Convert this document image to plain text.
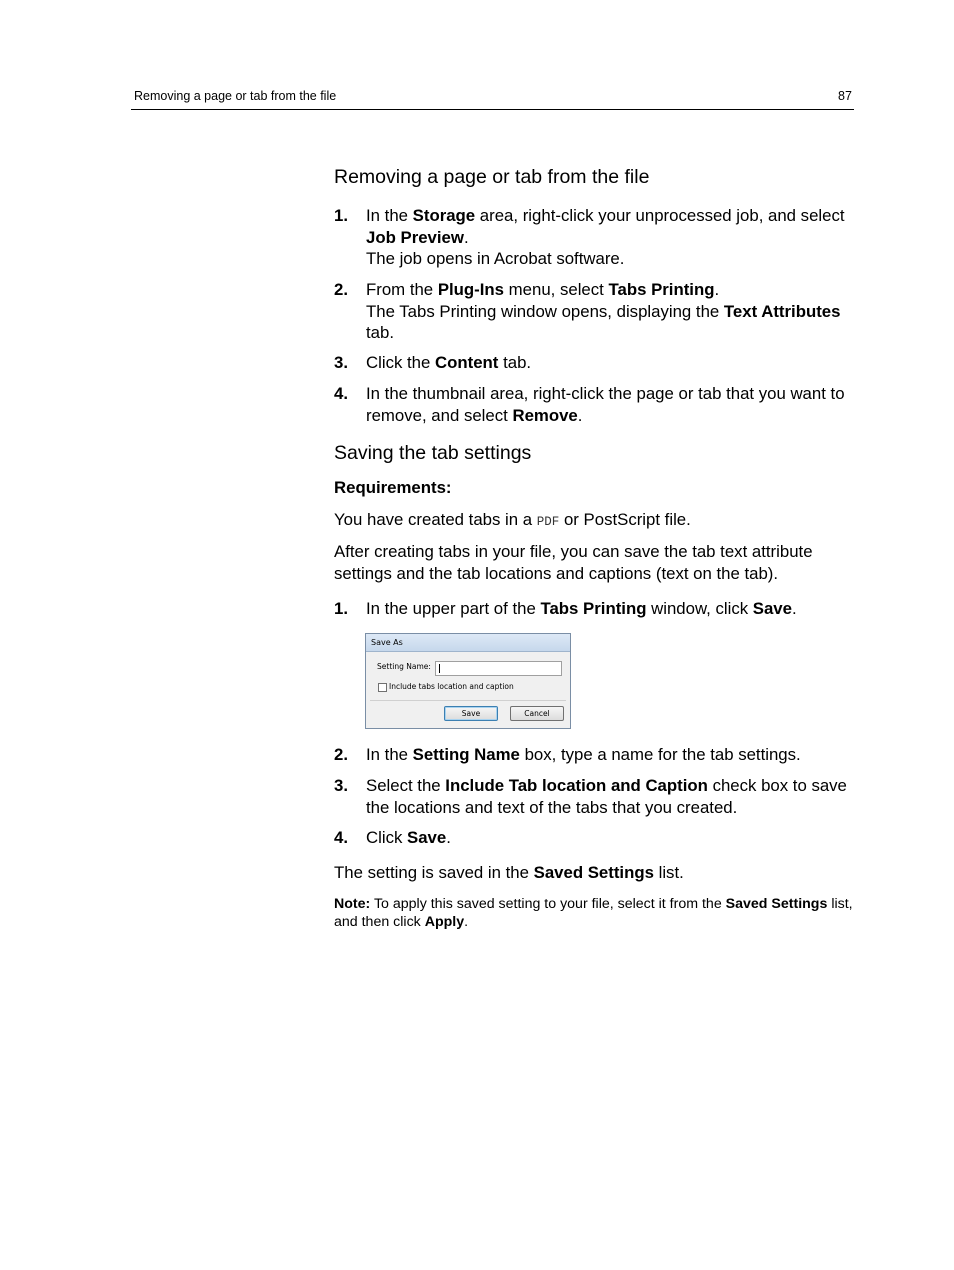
Removing a page or tab from the file	87
Removing a page or tab from the file
1. In the Storage area, right-click your unprocessed job, and select Job Preview.
The job opens in Acrobat software.
2. From the Plug-Ins menu, select Tabs Printing.
The Tabs Printing window opens, displaying the Text Attributes tab.
3. Click the Content tab.
4. In the thumbnail area, right-click the page or tab that you want to remove, and select Remove.
Saving the tab settings
Requirements:

You have created tabs in a PDF or PostScript file.

After creating tabs in your file, you can save the tab text attribute settings and the tab locations and captions (text on the tab).

1. In the upper part of the Tabs Printing window, click Save.
Save As
Setting Name:
Include tabs location and caption
Save	Cancel
2. In the Setting Name box, type a name for the tab settings.
3. Select the Include Tab location and Caption check box to save the locations and text of the tabs that you created.
4. Click Save.

The setting is saved in the Saved Settings list.

Note: To apply this saved setting to your file, select it from the Saved Settings list, and then click Apply.
